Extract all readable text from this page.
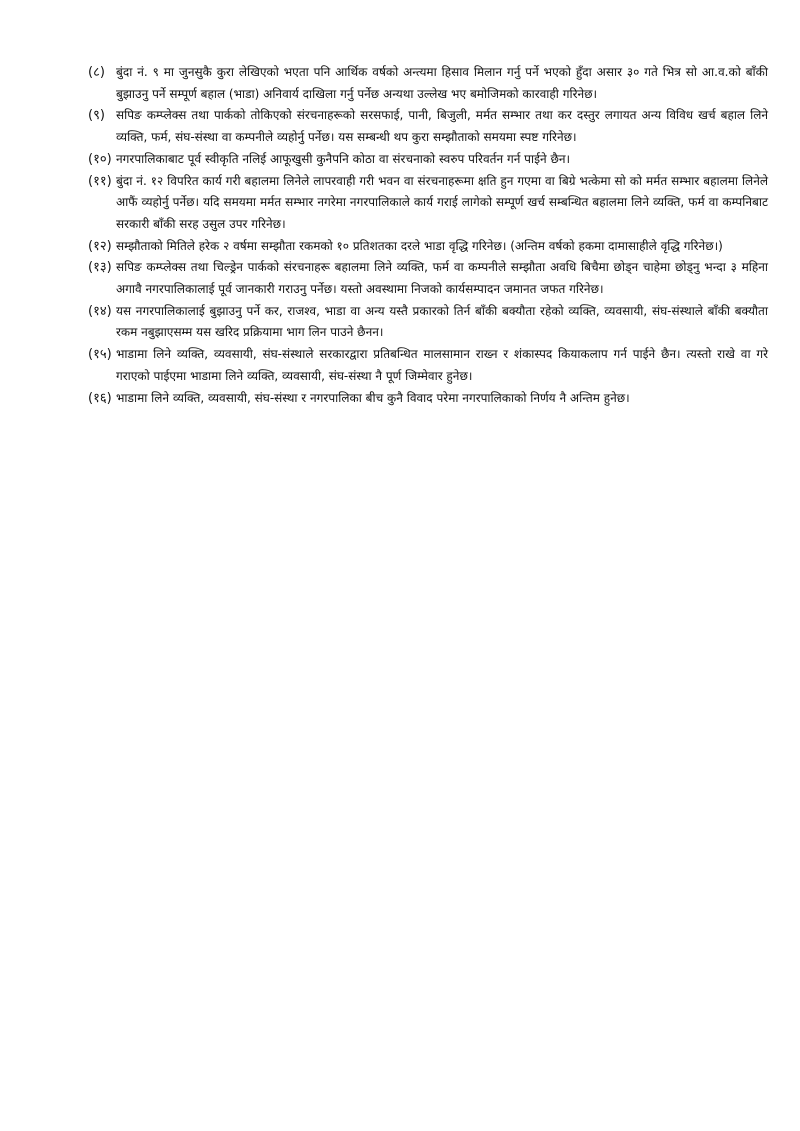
(८) बुंदा नं. ९ मा जुनसुकै कुरा लेखिएको भएता पनि आर्थिक वर्षको अन्त्यमा हिसाव मिलान गर्नु पर्ने भएको हुँदा असार ३० गते भित्र सो आ.व.को बाँकी बुझाउनु पर्ने सम्पूर्ण बहाल (भाडा) अनिवार्य दाखिला गर्नु पर्नेछ अन्यथा उल्लेख भए बमोजिमको कारवाही गरिनेछ।
(९) सपिङ कम्प्लेक्स तथा पार्कको तोकिएको संरचनाहरूको सरसफाई, पानी, बिजुली, मर्मत सम्भार तथा कर दस्तुर लगायत अन्य विविध खर्च बहाल लिने व्यक्ति, फर्म, संघ-संस्था वा कम्पनीले व्यहोर्नु पर्नेछ। यस सम्बन्धी थप कुरा सम्झौताको समयमा स्पष्ट गरिनेछ।
(१०) नगरपालिकाबाट पूर्व स्वीकृति नलिई आफूखुसी कुनैपनि कोठा वा संरचनाको स्वरुप परिवर्तन गर्न पाईने छैन।
(११) बुंदा नं. १२ विपरित कार्य गरी बहालमा लिनेले लापरवाही गरी भवन वा संरचनाहरूमा क्षति हुन गएमा वा बिग्रे भत्केमा सो को मर्मत सम्भार बहालमा लिनेले आफैं व्यहोर्नु पर्नेछ। यदि समयमा मर्मत सम्भार नगरेमा नगरपालिकाले कार्य गराई लागेको सम्पूर्ण खर्च सम्बन्धित बहालमा लिने व्यक्ति, फर्म वा कम्पनिबाट सरकारी बाँकी सरह उसुल उपर गरिनेछ।
(१२) सम्झौताको मितिले हरेक २ वर्षमा सम्झौता रकमको १० प्रतिशतका दरले भाडा वृद्धि गरिनेछ। (अन्तिम वर्षको हकमा दामासाहीले वृद्धि गरिनेछ।)
(१३) सपिङ कम्प्लेक्स तथा चिल्ड्रेन पार्कको संरचनाहरू बहालमा लिने व्यक्ति, फर्म वा कम्पनीले सम्झौता अवधि बिचैमा छोड्न चाहेमा छोड्नु भन्दा ३ महिना अगावै नगरपालिकालाई पूर्व जानकारी गराउनु पर्नेछ। यस्तो अवस्थामा निजको कार्यसम्पादन जमानत जफत गरिनेछ।
(१४) यस नगरपालिकालाई बुझाउनु पर्ने कर, राजश्व, भाडा वा अन्य यस्तै प्रकारको तिर्न बाँकी बक्यौता रहेको व्यक्ति, व्यवसायी, संघ-संस्थाले बाँकी बक्यौता रकम नबुझाएसम्म यस खरिद प्रक्रियामा भाग लिन पाउने छैनन।
(१५) भाडामा लिने व्यक्ति, व्यवसायी, संघ-संस्थाले सरकारद्वारा प्रतिबन्धित मालसामान राख्न र शंकास्पद कियाकलाप गर्न पाईने छैन। त्यस्तो राखे वा गरे गराएको पाईएमा भाडामा लिने व्यक्ति, व्यवसायी, संघ-संस्था नै पूर्ण जिम्मेवार हुनेछ।
(१६) भाडामा लिने व्यक्ति, व्यवसायी, संघ-संस्था र नगरपालिका बीच कुनै विवाद परेमा नगरपालिकाको निर्णय नै अन्तिम हुनेछ।
